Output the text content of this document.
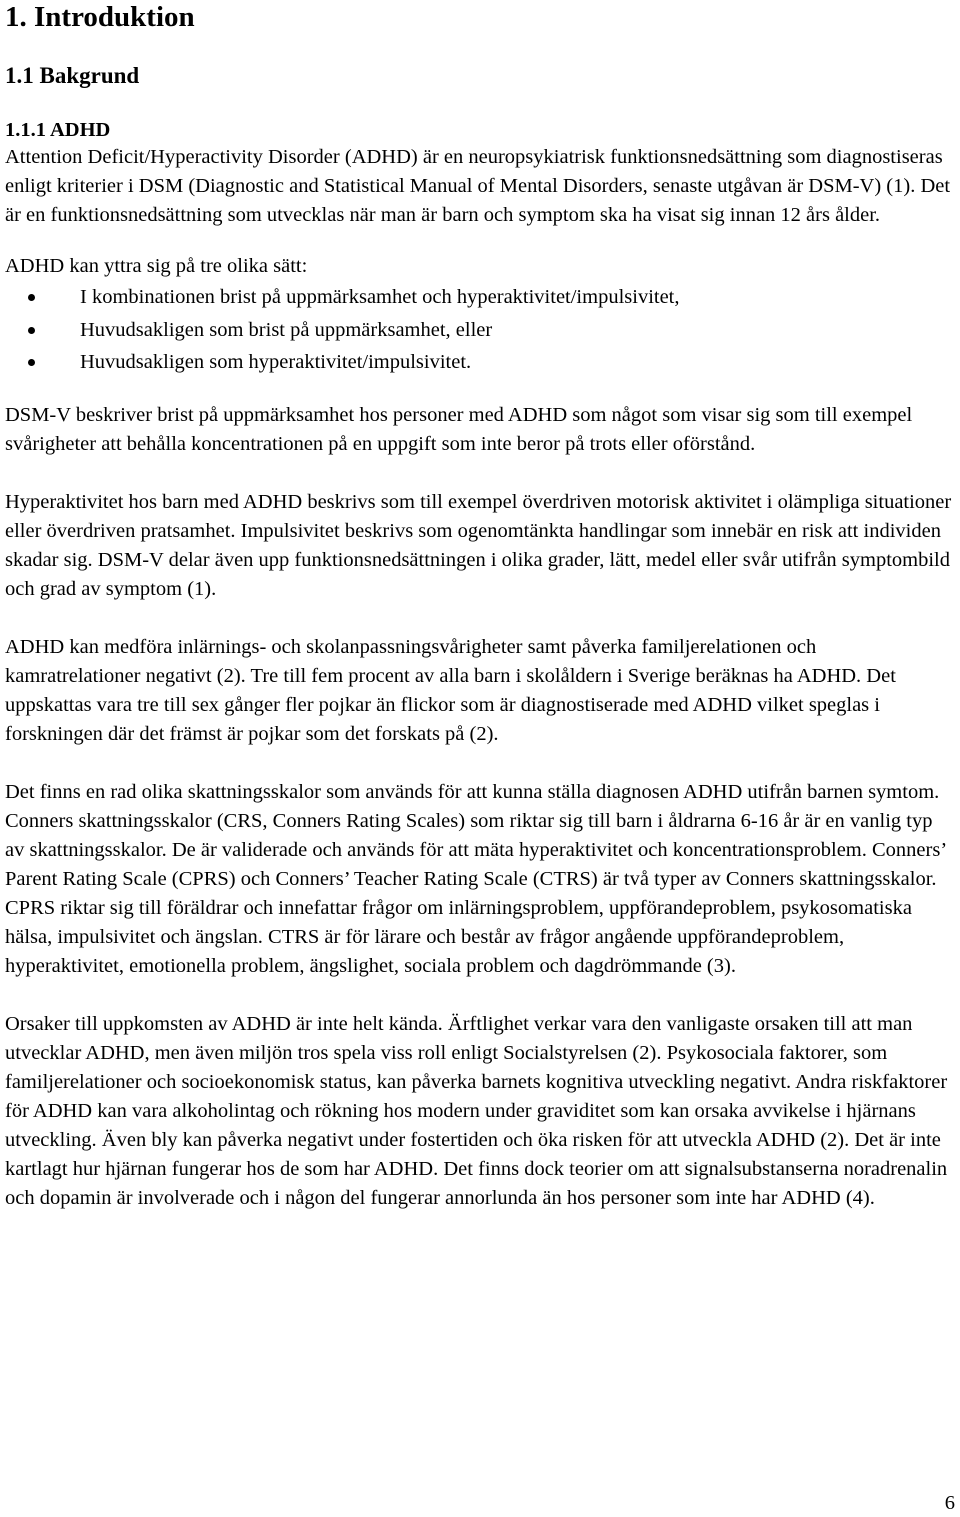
1. Introduktion
1.1 Bakgrund
1.1.1 ADHD

Attention Deficit/Hyperactivity Disorder (ADHD) är en neuropsykiatrisk funktionsnedsättning som diagnostiseras enligt kriterier i DSM (Diagnostic and Statistical Manual of Mental Disorders, senaste utgåvan är DSM-V) (1). Det är en funktionsnedsättning som utvecklas när man är barn och symptom ska ha visat sig innan 12 års ålder.

ADHD kan yttra sig på tre olika sätt:

I kombinationen brist på uppmärksamhet och hyperaktivitet/impulsivitet,
Huvudsakligen som brist på uppmärksamhet, eller
Huvudsakligen som hyperaktivitet/impulsivitet.

DSM-V beskriver brist på uppmärksamhet hos personer med ADHD som något som visar sig som till exempel svårigheter att behålla koncentrationen på en uppgift som inte beror på trots eller oförstånd.

Hyperaktivitet hos barn med ADHD beskrivs som till exempel överdriven motorisk aktivitet i olämpliga situationer eller överdriven pratsamhet. Impulsivitet beskrivs som ogenomtänkta handlingar som innebär en risk att individen skadar sig. DSM-V delar även upp funktionsnedsättningen i olika grader, lätt, medel eller svår utifrån symptombild och grad av symptom (1).

ADHD kan medföra inlärnings- och skolanpassningsvårigheter samt påverka familjerelationen och kamratrelationer negativt (2). Tre till fem procent av alla barn i skolåldern i Sverige beräknas ha ADHD. Det uppskattas vara tre till sex gånger fler pojkar än flickor som är diagnostiserade med ADHD vilket speglas i forskningen där det främst är pojkar som det forskats på (2).

Det finns en rad olika skattningsskalor som används för att kunna ställa diagnosen ADHD utifrån barnen symtom. Conners skattningsskalor (CRS, Conners Rating Scales) som riktar sig till barn i åldrarna 6-16 år är en vanlig typ av skattningsskalor. De är validerade och används för att mäta hyperaktivitet och koncentrationsproblem. Conners’ Parent Rating Scale (CPRS) och Conners’ Teacher Rating Scale (CTRS) är två typer av Conners skattningsskalor. CPRS riktar sig till föräldrar och innefattar frågor om inlärningsproblem, uppförandeproblem, psykosomatiska hälsa, impulsivitet och ängslan. CTRS är för lärare och består av frågor angående uppförandeproblem, hyperaktivitet, emotionella problem, ängslighet, sociala problem och dagdrömmande (3).

Orsaker till uppkomsten av ADHD är inte helt kända. Ärftlighet verkar vara den vanligaste orsaken till att man utvecklar ADHD, men även miljön tros spela viss roll enligt Socialstyrelsen (2). Psykosociala faktorer, som familjerelationer och socioekonomisk status, kan påverka barnets kognitiva utveckling negativt. Andra riskfaktorer för ADHD kan vara alkoholintag och rökning hos modern under graviditet som kan orsaka avvikelse i hjärnans utveckling. Även bly kan påverka negativt under fostertiden och öka risken för att utveckla ADHD (2). Det är inte kartlagt hur hjärnan fungerar hos de som har ADHD. Det finns dock teorier om att signalsubstanserna noradrenalin och dopamin är involverade och i någon del fungerar annorlunda än hos personer som inte har ADHD (4).

6
